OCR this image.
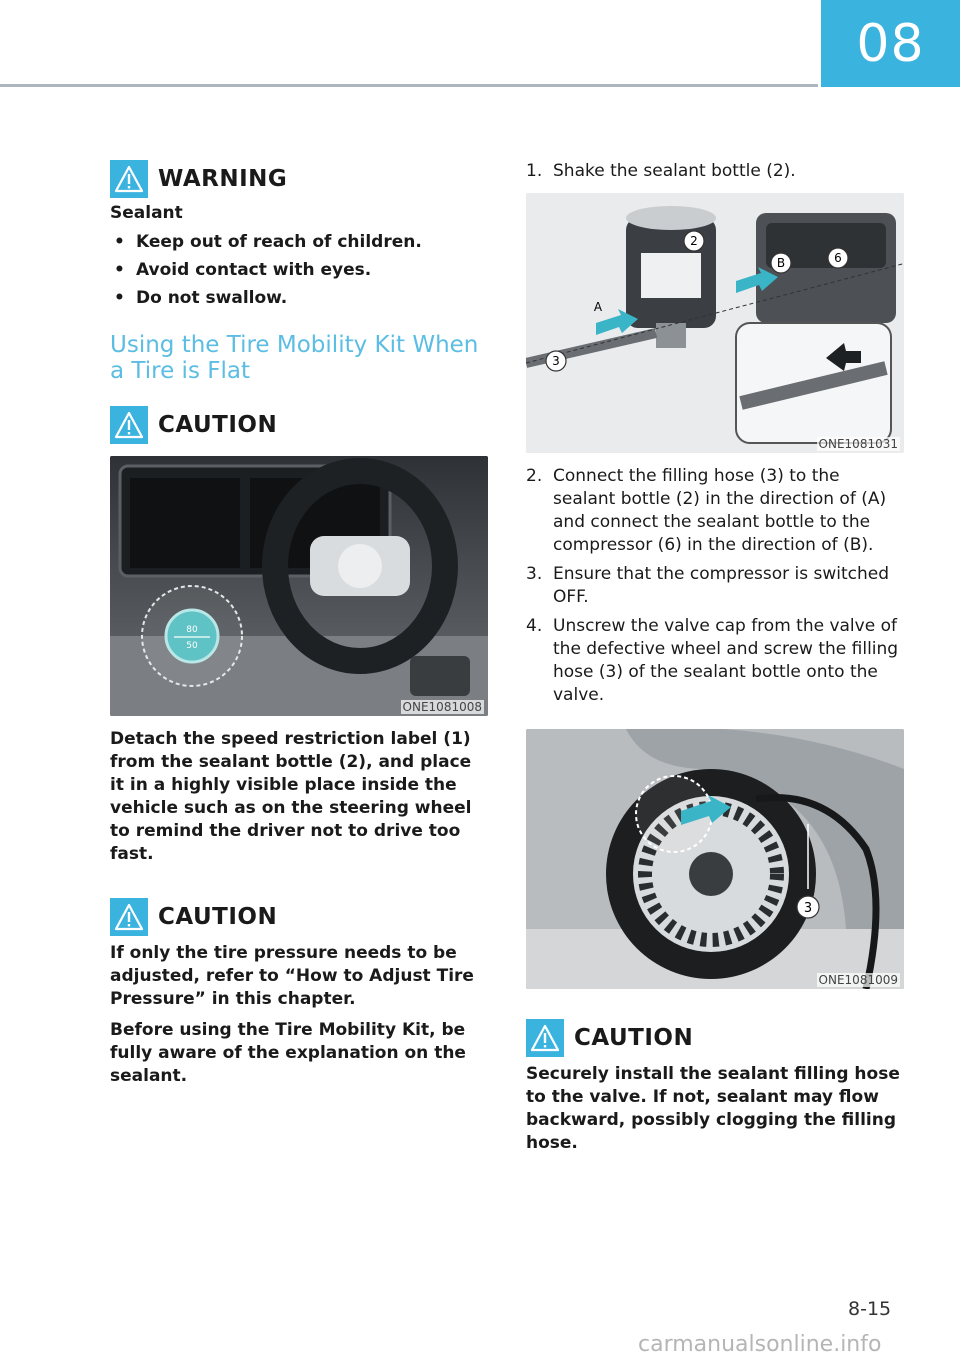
08
WARNING
Sealant
• Keep out of reach of children.
• Avoid contact with eyes.
• Do not swallow.
Using the Tire Mobility Kit When
a Tire is Flat
CAUTION
80
50
ONE1081008
Detach the speed restriction label (1) from the sealant bottle (2), and place it in a highly visible place inside the vehicle such as on the steering wheel to remind the driver not to drive too fast.
CAUTION
If only the tire pressure needs to be adjusted, refer to “How to Adjust Tire Pressure” in this chapter.
Before using the Tire Mobility Kit, be fully aware of the explanation on the sealant.
1. Shake the sealant bottle (2).
2
3
6
A
B
ONE1081031
2. Connect the filling hose (3) to the sealant bottle (2) in the direction of (A) and connect the sealant bottle to the compressor (6) in the direction of (B).
3. Ensure that the compressor is switched OFF.
4. Unscrew the valve cap from the valve of the defective wheel and screw the filling hose (3) of the sealant bottle onto the valve.
3
ONE1081009
CAUTION
Securely install the sealant filling hose to the valve. If not, sealant may flow backward, possibly clogging the filling hose.
8-15
carmanualsonline.info
